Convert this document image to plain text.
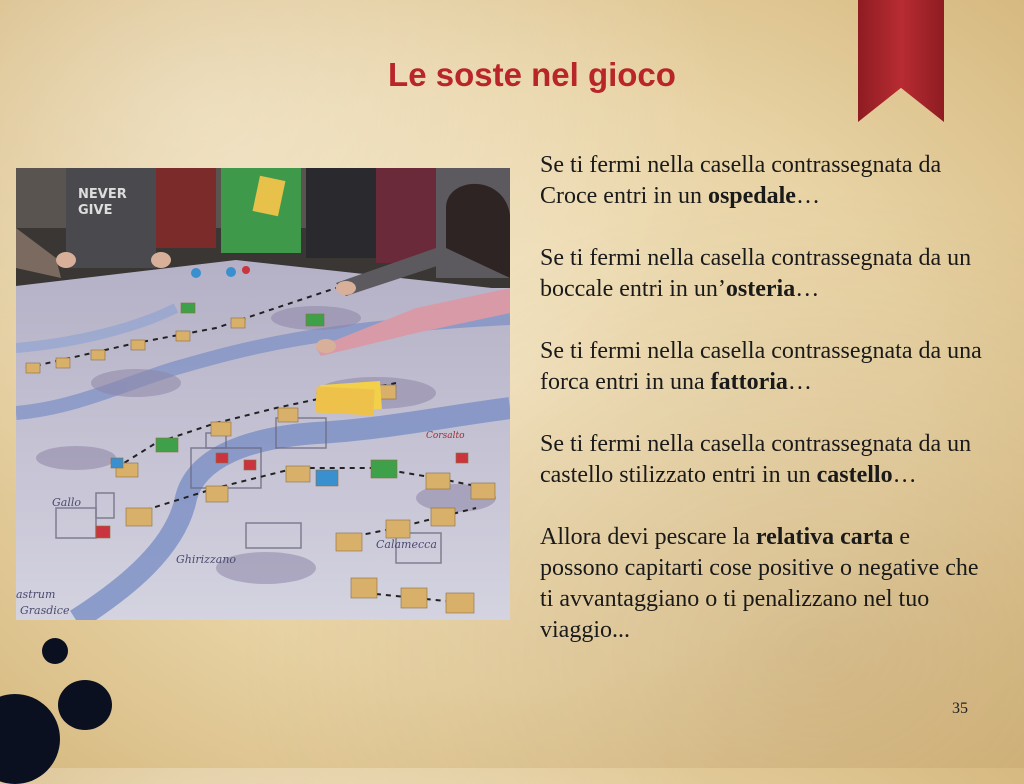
Le soste nel gioco
Gallo
Ghirizzano
Calamecca
astrum
Grasdice
Corsalto
NEVER
GIVE

Se ti fermi nella casella contrassegnata da Croce entri in un ospedale…

Se ti fermi nella casella contrassegnata da un boccale entri in un’osteria…

Se ti fermi nella casella contrassegnata da una forca entri in una fattoria…

Se ti fermi nella casella contrassegnata da un castello stilizzato entri in un castello…

Allora devi pescare la relativa carta e possono capitarti cose positive o negative che ti avvantaggiano o ti penalizzano nel tuo viaggio...

35
